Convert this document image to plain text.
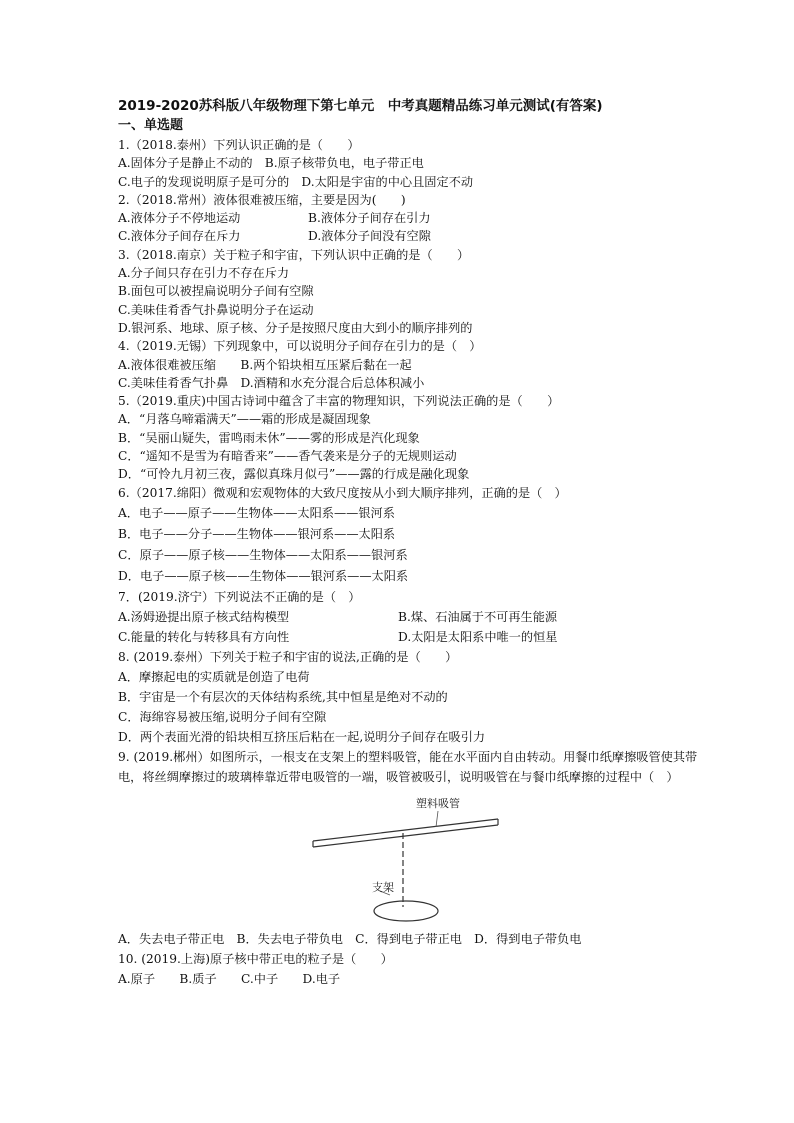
2019-2020苏科版八年级物理下第七单元　中考真题精品练习单元测试(有答案)
一、单选题
1.（2018.泰州）下列认识正确的是（　　）
A.固体分子是静止不动的　B.原子核带负电，电子带正电
C.电子的发现说明原子是可分的　D.太阳是宇宙的中心且固定不动
2.（2018.常州）液体很难被压缩，主要是因为(　　)
A.液体分子不停地运动	B.液体分子间存在引力
C.液体分子间存在斥力	D.液体分子间没有空隙
3.（2018.南京）关于粒子和宇宙，下列认识中正确的是（　　）
A.分子间只存在引力不存在斥力
B.面包可以被捏扁说明分子间有空隙
C.美味佳肴香气扑鼻说明分子在运动
D.银河系、地球、原子核、分子是按照尺度由大到小的顺序排列的
4.（2019.无锡）下列现象中，可以说明分子间存在引力的是（　）
A.液体很难被压缩　　B.两个铅块相互压紧后黏在一起
C.美味佳肴香气扑鼻　D.酒精和水充分混合后总体积减小
5.（2019.重庆)中国古诗词中蕴含了丰富的物理知识，下列说法正确的是（　　）
A．“月落乌啼霜满天”——霜的形成是凝固现象
B．“吴丽山疑失，雷鸣雨未休”——雾的形成是汽化现象
C．“遥知不是雪为有暗香来”——香气袭来是分子的无规则运动
D．“可怜九月初三夜，露似真珠月似弓”——露的行成是融化现象
6.（2017.绵阳）微观和宏观物体的大致尺度按从小到大顺序排列，正确的是（　）
A．电子——原子——生物体——太阳系——银河系
B．电子——分子——生物体——银河系——太阳系
C．原子——原子核——生物体——太阳系——银河系
D．电子——原子核——生物体——银河系——太阳系
7．(2019.济宁）下列说法不正确的是（　）
A.汤姆逊提出原子核式结构模型	B.煤、石油属于不可再生能源
C.能量的转化与转移具有方向性	D.太阳是太阳系中唯一的恒星
8. (2019.泰州）下列关于粒子和宇宙的说法,正确的是（　　）
A．摩擦起电的实质就是创造了电荷
B．宇宙是一个有层次的天体结构系统,其中恒星是绝对不动的
C．海绵容易被压缩,说明分子间有空隙
D．两个表面光滑的铅块相互挤压后粘在一起,说明分子间存在吸引力
9. (2019.郴州）如图所示，一根支在支架上的塑料吸管，能在水平面内自由转动。用餐巾纸摩擦吸管使其带电，将丝绸摩擦过的玻璃棒靠近带电吸管的一端，吸管被吸引，说明吸管在与餐巾纸摩擦的过程中（　）
塑料吸管
支架
A．失去电子带正电　B．失去电子带负电　C．得到电子带正电　D．得到电子带负电
10. (2019.上海)原子核中带正电的粒子是（　　）
A.原子　　B.质子　　C.中子　　D.电子
